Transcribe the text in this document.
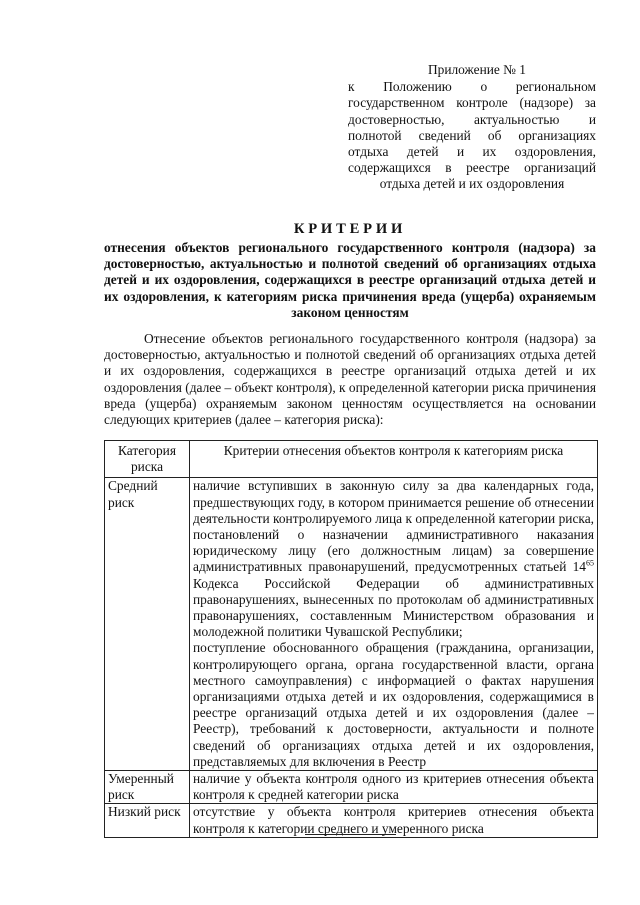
Приложение № 1

к Положению о региональном государственном контроле (надзоре) за достоверностью, актуальностью и полнотой сведений об организациях отдыха детей и их оздоровления, содержащихся в реестре организаций отдыха детей и их оздоровления

КРИТЕРИИ

отнесения объектов регионального государственного контроля (надзора) за достоверностью, актуальностью и полнотой сведений об организациях отдыха детей и их оздоровления, содержащихся в реестре организаций отдыха детей и их оздоровления, к категориям риска причинения вреда (ущерба) охраняемым законом ценностям

Отнесение объектов регионального государственного контроля (надзора) за достоверностью, актуальностью и полнотой сведений об организациях отдыха детей и их оздоровления, содержащихся в реестре организаций отдыха детей и их оздоровления (далее – объект контроля), к определенной категории риска причинения вреда (ущерба) охраняемым законом ценностям осуществляется на основании следующих критериев (далее – категория риска):

Категория риска	Критерии отнесения объектов контроля к категориям риска
Средний риск	наличие вступивших в законную силу за два календарных года, предшествующих году, в котором принимается решение об отнесении деятельности контролируемого лица к определенной категории риска, постановлений о назначении административного наказания юридическому лицу (его должностным лицам) за совершение административных правонарушений, предусмотренных статьей $14^{65}$ Кодекса Российской Федерации об административных правонарушениях, вынесенных по протоколам об административных правонарушениях, составленным Министерством образования и молодежной политики Чувашской Республики;
поступление обоснованного обращения (гражданина, организации, контролирующего органа, органа государственной власти, органа местного самоуправления) с информацией о фактах нарушения организациями отдыха детей и их оздоровления, содержащимися в реестре организаций отдыха детей и их оздоровления (далее – Реестр), требований к достоверности, актуальности и полноте сведений об организациях отдыха детей и их оздоровления, представляемых для включения в Реестр
Умеренный риск	наличие у объекта контроля одного из критериев отнесения объекта контроля к средней категории риска
Низкий риск	отсутствие у объекта контроля критериев отнесения объекта контроля к категории среднего и умеренного риска
